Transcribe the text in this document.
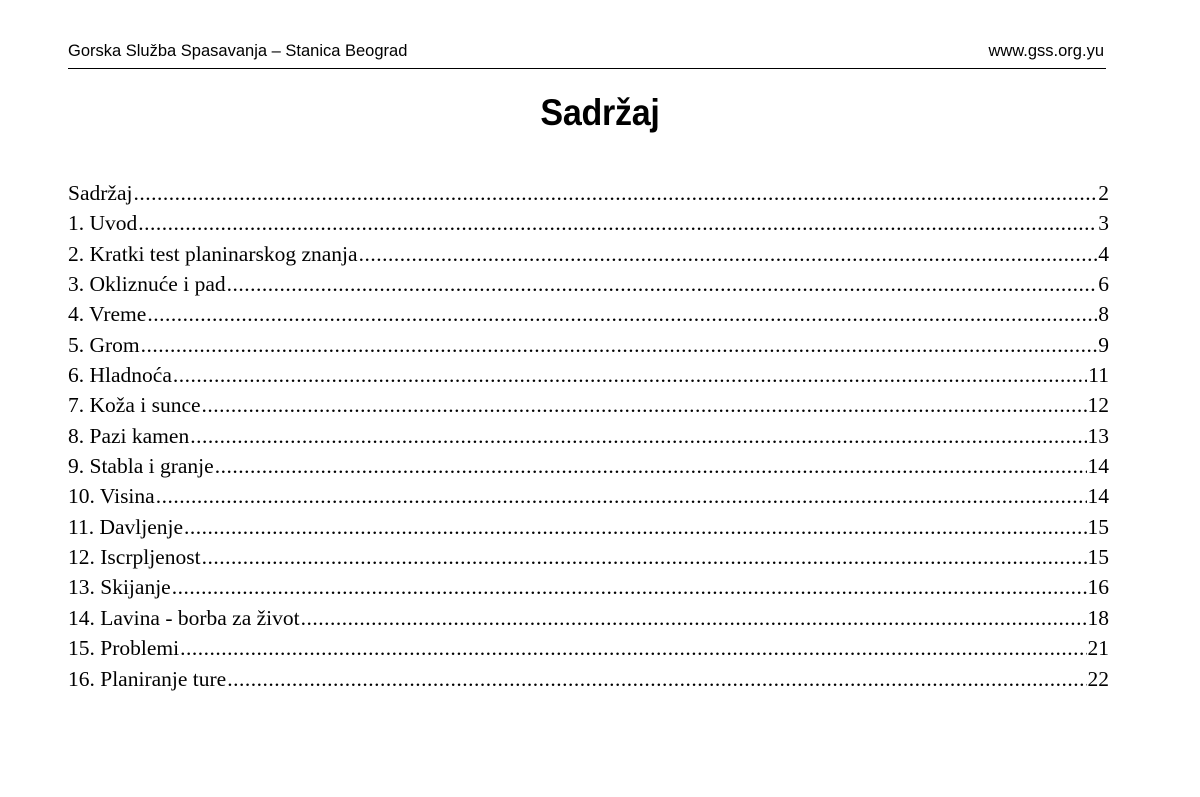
Gorska Služba Spasavanja – Stanica Beograd	www.gss.org.yu
Sadržaj
Sadržaj .....	2
1. Uvod .....	3
2. Kratki test planinarskog znanja .....	4
3. Okliznuće i pad .....	6
4. Vreme .....	8
5. Grom .....	9
6. Hladnoća .....	11
7. Koža i sunce .....	12
8. Pazi kamen .....	13
9. Stabla i granje .....	14
10. Visina .....	14
11. Davljenje .....	15
12. Iscrpljenost .....	15
13. Skijanje .....	16
14. Lavina - borba za život .....	18
15. Problemi .....	21
16. Planiranje ture .....	22
